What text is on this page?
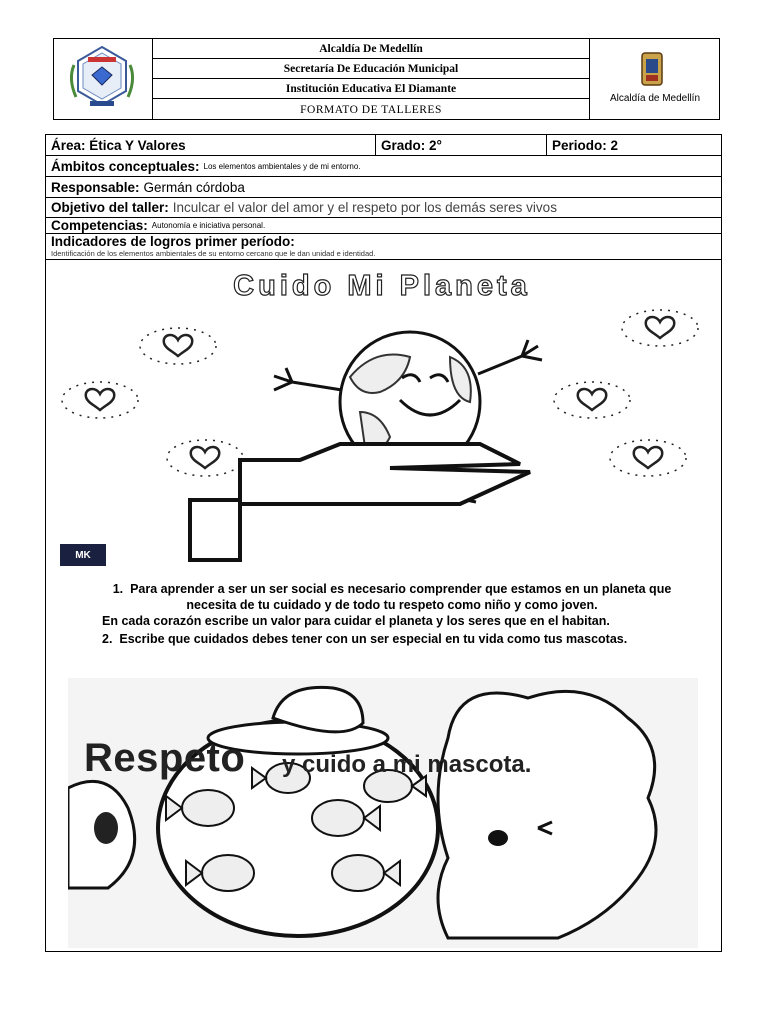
Alcaldía De Medellín
Secretaría De Educación Municipal
Institución Educativa El Diamante
FORMATO DE TALLERES
Alcaldía de Medellín
Área:
Ética Y Valores	Grado:
2°	Periodo:
2
Ámbitos conceptuales: Los elementos ambientales y de mi entorno.
Responsable: Germán córdoba
Objetivo del taller: Inculcar el valor del amor y el respeto por los demás seres vivos
Competencias: Autonomía e iniciativa personal.
Indicadores de logros primer período:
Identificación de los elementos ambientales de su entorno cercano que le dan unidad e identidad.
Cuido Mi Planeta
MK
1. Para aprender a ser un ser social es necesario comprender que estamos en un planeta que
necesita de tu cuidado y de todo tu respeto como niño y como joven.
En cada corazón escribe un valor para cuidar el planeta y los seres que en el habitan.
2. Escribe que cuidados debes tener con un ser especial en tu vida como tus mascotas.
Respeto y cuido a mi mascota.
